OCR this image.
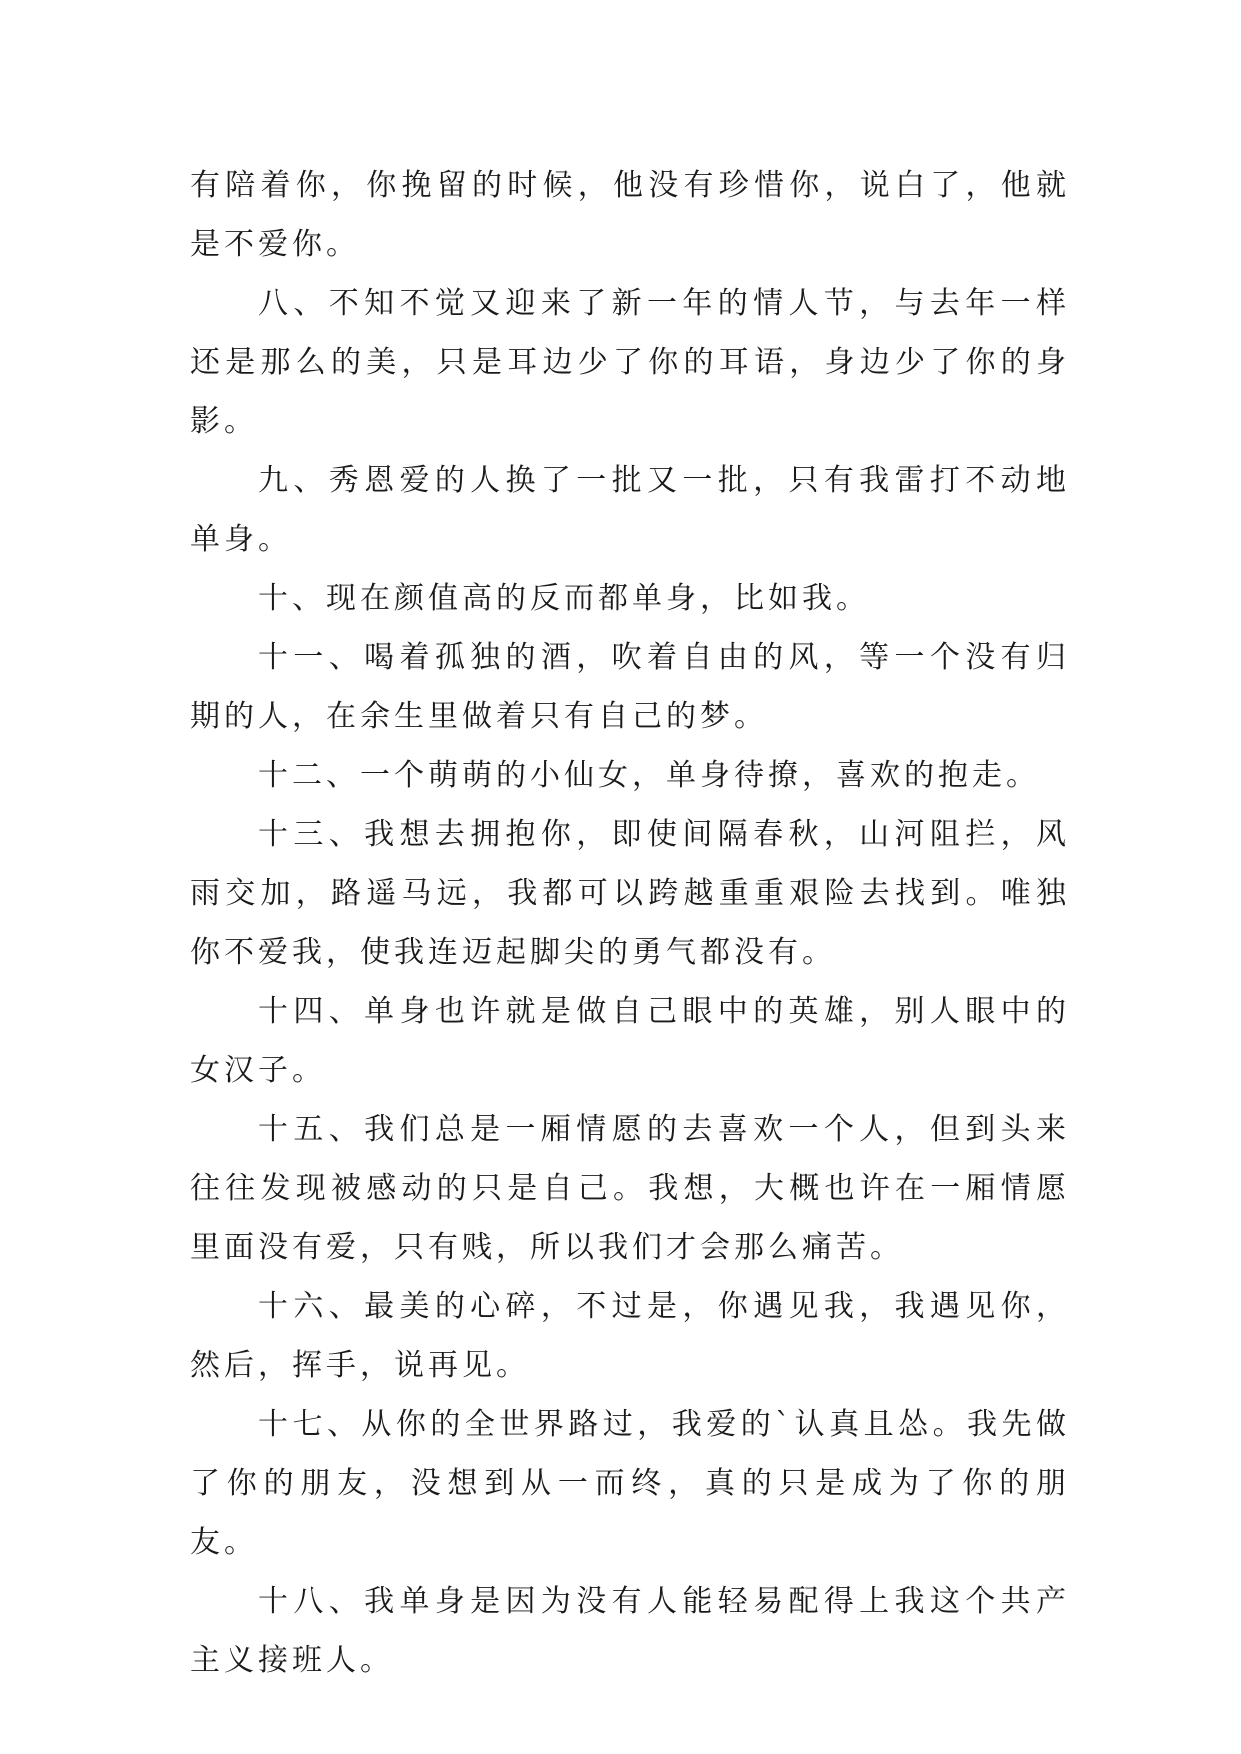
有陪着你，你挽留的时候，他没有珍惜你，说白了，他就是不爱你。

八、不知不觉又迎来了新一年的情人节，与去年一样还是那么的美，只是耳边少了你的耳语，身边少了你的身影。

九、秀恩爱的人换了一批又一批，只有我雷打不动地单身。

十、现在颜值高的反而都单身，比如我。

十一、喝着孤独的酒，吹着自由的风，等一个没有归期的人，在余生里做着只有自己的梦。

十二、一个萌萌的小仙女，单身待撩，喜欢的抱走。

十三、我想去拥抱你，即使间隔春秋，山河阻拦，风雨交加，路遥马远，我都可以跨越重重艰险去找到。唯独你不爱我，使我连迈起脚尖的勇气都没有。

十四、单身也许就是做自己眼中的英雄，别人眼中的女汉子。

十五、我们总是一厢情愿的去喜欢一个人，但到头来往往发现被感动的只是自己。我想，大概也许在一厢情愿里面没有爱，只有贱，所以我们才会那么痛苦。

十六、最美的心碎，不过是，你遇见我，我遇见你，然后，挥手，说再见。

十七、从你的全世界路过，我爱的`认真且怂。我先做了你的朋友，没想到从一而终，真的只是成为了你的朋友。

十八、我单身是因为没有人能轻易配得上我这个共产主义接班人。
